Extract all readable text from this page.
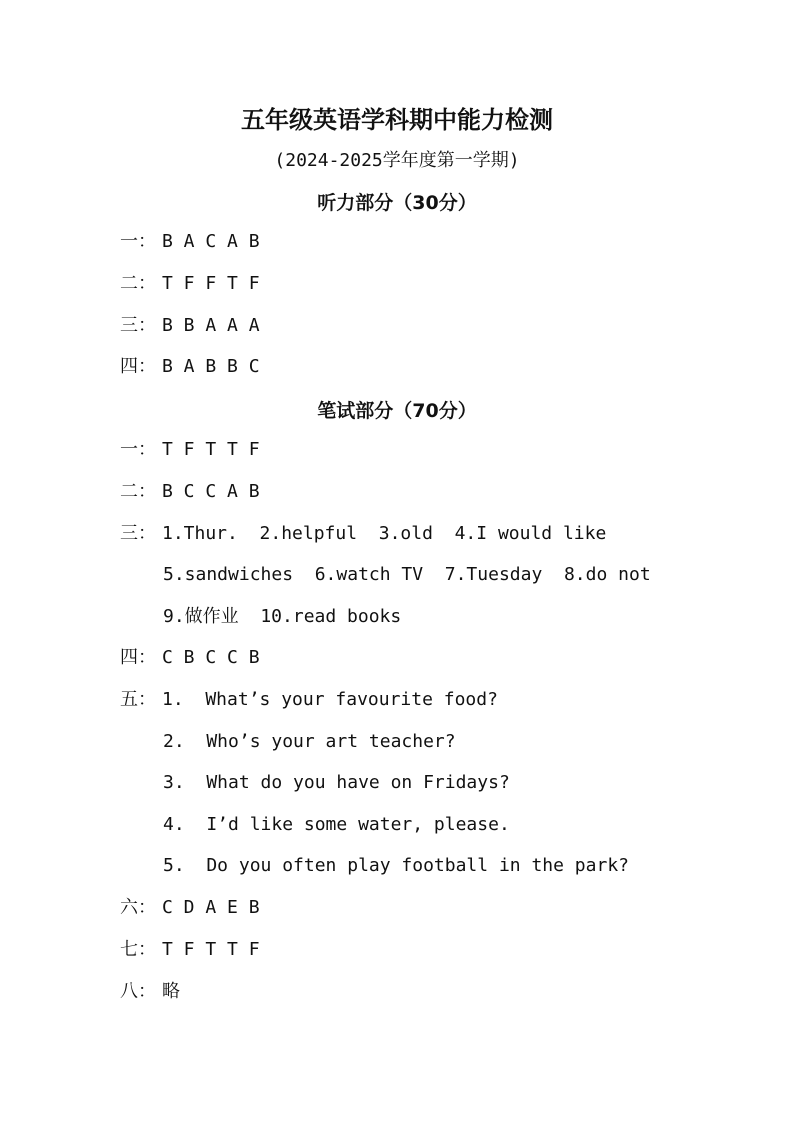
五年级英语学科期中能力检测
(2024-2025学年度第一学期)
听力部分（30分）
一： B A C A B
二： T F F T F
三： B B A A A
四： B A B B C
笔试部分（70分）
一： T F T T F
二： B C C A B
三： 1.Thur.  2.helpful  3.old  4.I would like
5.sandwiches  6.watch TV  7.Tuesday  8.do not
9.做作业  10.read books
四： C B C C B
五： 1.  What’s your favourite food?
2.  Who’s your art teacher?
3.  What do you have on Fridays?
4.  I’d like some water, please.
5.  Do you often play football in the park?
六： C D A E B
七： T F T T F
八： 略
